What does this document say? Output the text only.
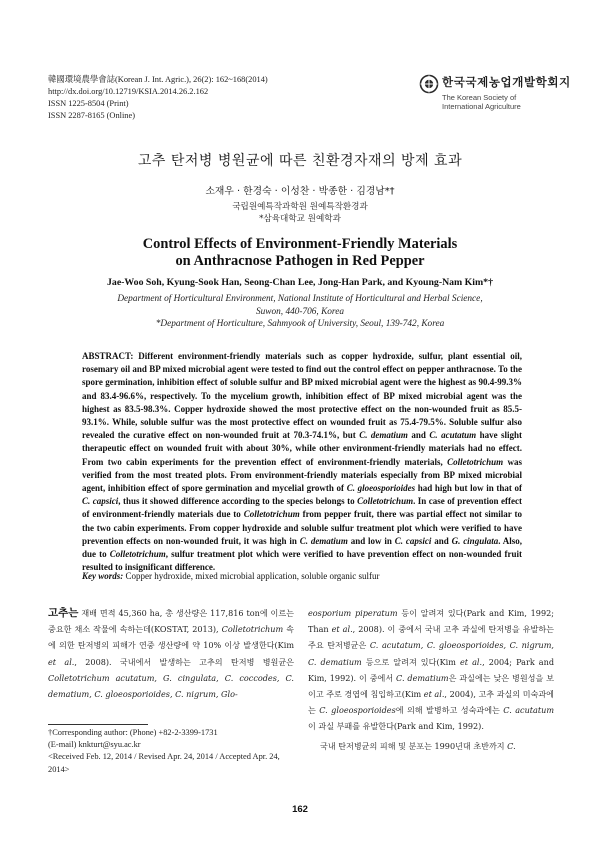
韓國環境農學會誌(Korean J. Int. Agric.), 26(2): 162~168(2014)
http://dx.doi.org/10.12719/KSIA.2014.26.2.162
ISSN 1225-8504 (Print)
ISSN 2287-8165 (Online)
한국국제농업개발학회지
The Korean Society of International Agriculture
고추 탄저병 병원균에 따른 친환경자재의 방제 효과
소재우 · 한경숙 · 이성찬 · 박종한 · 김경남*†
국립원예특작과학원 원예특작환경과
*삼육대학교 원예학과
Control Effects of Environment-Friendly Materials
on Anthracnose Pathogen in Red Pepper
Jae-Woo Soh, Kyung-Sook Han, Seong-Chan Lee, Jong-Han Park, and Kyoung-Nam Kim*†
Department of Horticultural Environment, National Institute of Horticultural and Herbal Science,
Suwon, 440-706, Korea
*Department of Horticulture, Sahmyook of University, Seoul, 139-742, Korea
ABSTRACT: Different environment-friendly materials such as copper hydroxide, sulfur, plant essential oil, rosemary oil and BP mixed microbial agent were tested to find out the control effect on pepper anthracnose. To the spore germination, inhibition effect of soluble sulfur and BP mixed microbial agent were the highest as 90.4-99.3% and 83.4-96.6%, respectively. To the mycelium growth, inhibition effect of BP mixed microbial agent was the highest as 83.5-98.3%. Copper hydroxide showed the most protective effect on the non-wounded fruit as 85.5-93.1%. While, soluble sulfur was the most protective effect on wounded fruit as 75.4-79.5%. Soluble sulfur also revealed the curative effect on non-wounded fruit at 70.3-74.1%, but C. dematium and C. acutatum have slight therapeutic effect on wounded fruit with about 30%, while other environment-friendly materials had no effect. From two cabin experiments for the prevention effect of environment-friendly materials, Colletotrichum was verified from the most treated plots. From environment-friendly materials especially from BP mixed microbial agent, inhibition effect of spore germination and mycelial growth of C. gloeosporioides had high but low in that of C. capsici, thus it showed difference according to the species belongs to Colletotrichum. In case of prevention effect of environment-friendly materials due to Colletotrichum from pepper fruit, there was partial effect not similar to the two cabin experiments. From copper hydroxide and soluble sulfur treatment plot which were verified to have prevention effects on non-wounded fruit, it was high in C. dematium and low in C. capsici and G. cingulata. Also, due to Colletotrichum, sulfur treatment plot which were verified to have prevention effect on non-wounded fruit resulted to insignificant difference.
Key words: Copper hydroxide, mixed microbial application, soluble organic sulfur
고추는 재배 면적 45,360 ha, 총 생산량은 117,816 ton에 이르는 중요한 채소 작물에 속하는데(KOSTAT, 2013), Colletotrichum 속에 의한 탄저병의 피해가 연중 생산량에 약 10% 이상 발생한다(Kim et al., 2008). 국내에서 발생하는 고추의 탄저병 병원균은 Colletotrichum acutatum, G. cingulata, C. coccodes, C. dematium, C. gloeosporioides, C. nigrum, Glo-
eosporium piperatum 등이 알려져 있다(Park and Kim, 1992; Than et al., 2008). 이 중에서 국내 고추 과실에 탄저병을 유발하는 주요 탄저병균은 C. acutatum, C. gloeosporioides, C. nigrum, C. dematium 등으로 알려져 있다(Kim et al., 2004; Park and Kim, 1992). 이 중에서 C. dematium은 과실에는 낮은 병원성을 보이고 주로 경엽에 침입하고(Kim et al., 2004), 고추 과실의 미숙과에는 C. gloeosporioides에 의해 발병하고 성숙과에는 C. acutatum이 과실 부패를 유발한다(Park and Kim, 1992).
국내 탄저병균의 피해 및 분포는 1990년대 초반까지 C.
†Corresponding author: (Phone) +82-2-3399-1731
(E-mail) knkturt@syu.ac.kr
<Received Feb. 12, 2014 / Revised Apr. 24, 2014 / Accepted Apr. 24, 2014>
162
